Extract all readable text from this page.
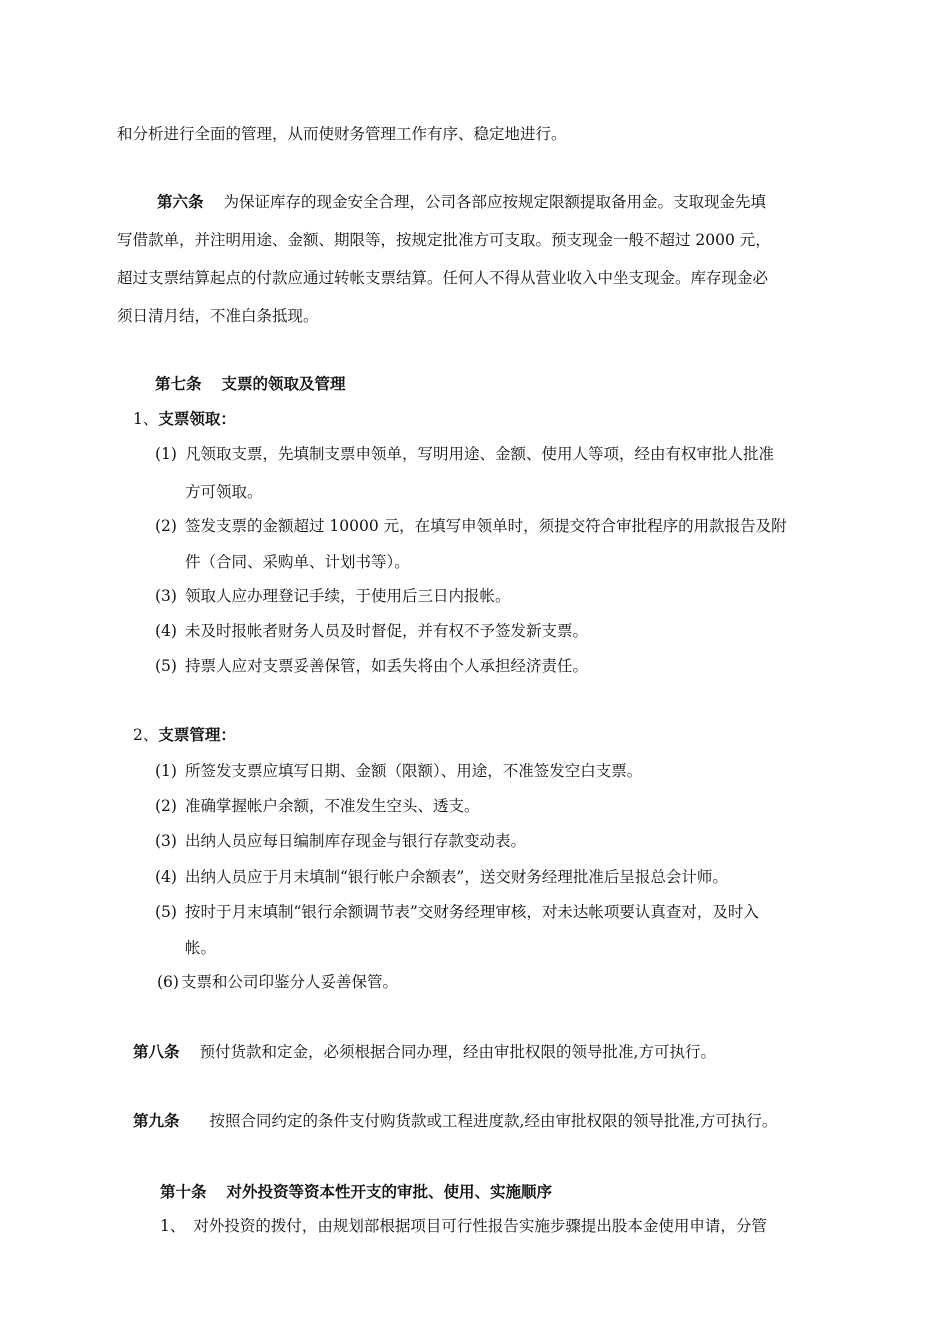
和分析进行全面的管理，从而使财务管理工作有序、稳定地进行。
第六条 为保证库存的现金安全合理，公司各部应按规定限额提取备用金。支取现金先填
写借款单，并注明用途、金额、期限等，按规定批准方可支取。预支现金一般不超过 2000 元，
超过支票结算起点的付款应通过转帐支票结算。任何人不得从营业收入中坐支现金。库存现金必
须日清月结，不准白条抵现。
第七条 支票的领取及管理
1、支票领取：
(1) 凡领取支票，先填制支票申领单，写明用途、金额、使用人等项，经由有权审批人批准
方可领取。
(2) 签发支票的金额超过 10000 元，在填写申领单时，须提交符合审批程序的用款报告及附
件（合同、采购单、计划书等）。
(3) 领取人应办理登记手续，于使用后三日内报帐。
(4) 未及时报帐者财务人员及时督促，并有权不予签发新支票。
(5) 持票人应对支票妥善保管，如丢失将由个人承担经济责任。
2、支票管理：
(1) 所签发支票应填写日期、金额（限额）、用途，不准签发空白支票。
(2) 准确掌握帐户余额，不准发生空头、透支。
(3) 出纳人员应每日编制库存现金与银行存款变动表。
(4) 出纳人员应于月末填制“银行帐户余额表”，送交财务经理批准后呈报总会计师。
(5) 按时于月末填制“银行余额调节表”交财务经理审核，对未达帐项要认真查对，及时入
帐。
(6) 支票和公司印鉴分人妥善保管。
第八条 预付货款和定金，必须根据合同办理，经由审批权限的领导批准,方可执行。
第九条 按照合同约定的条件支付购货款或工程进度款,经由审批权限的领导批准,方可执行。
第十条 对外投资等资本性开支的审批、使用、实施顺序
1、 对外投资的拨付，由规划部根据项目可行性报告实施步骤提出股本金使用申请，分管
